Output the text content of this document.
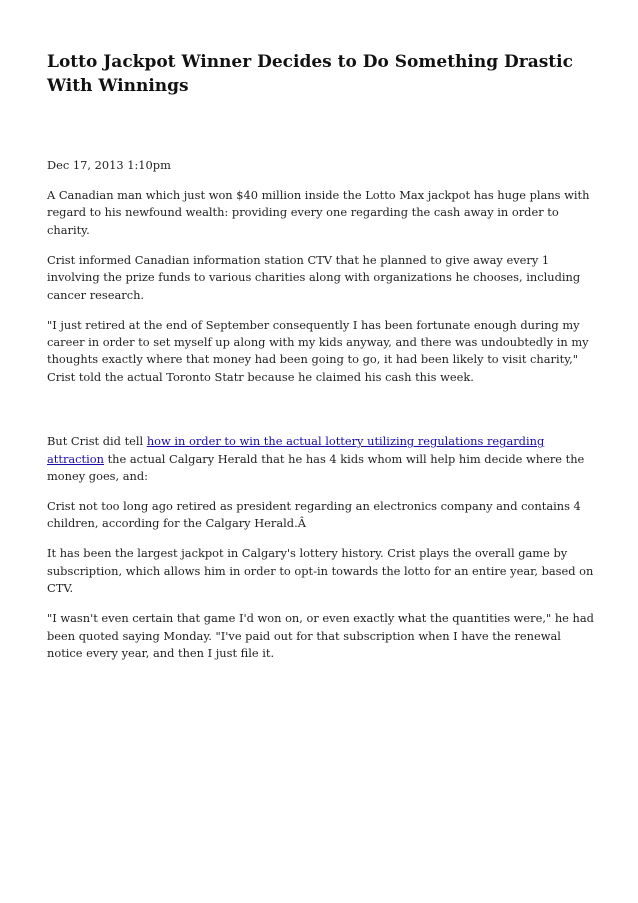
Lotto Jackpot Winner Decides to Do Something Drastic With Winnings

Dec 17, 2013 1:10pm

A Canadian man which just won $40 million inside the Lotto Max jackpot has huge plans with regard to his newfound wealth: providing every one regarding the cash away in order to charity.

Crist informed Canadian information station CTV that he planned to give away every 1 involving the prize funds to various charities along with organizations he chooses, including cancer research.

"I just retired at the end of September consequently I has been fortunate enough during my career in order to set myself up along with my kids anyway, and there was undoubtedly in my thoughts exactly where that money had been going to go, it had been likely to visit charity," Crist told the actual Toronto Statr because he claimed his cash this week.

But Crist did tell how in order to win the actual lottery utilizing regulations regarding attraction the actual Calgary Herald that he has 4 kids whom will help him decide where the money goes, and:

Crist not too long ago retired as president regarding an electronics company and contains 4 children, according for the Calgary Herald.Â

It has been the largest jackpot in Calgary's lottery history. Crist plays the overall game by subscription, which allows him in order to opt-in towards the lotto for an entire year, based on CTV.

"I wasn't even certain that game I'd won on, or even exactly what the quantities were," he had been quoted saying Monday. "I've paid out for that subscription when I have the renewal notice every year, and then I just file it.
